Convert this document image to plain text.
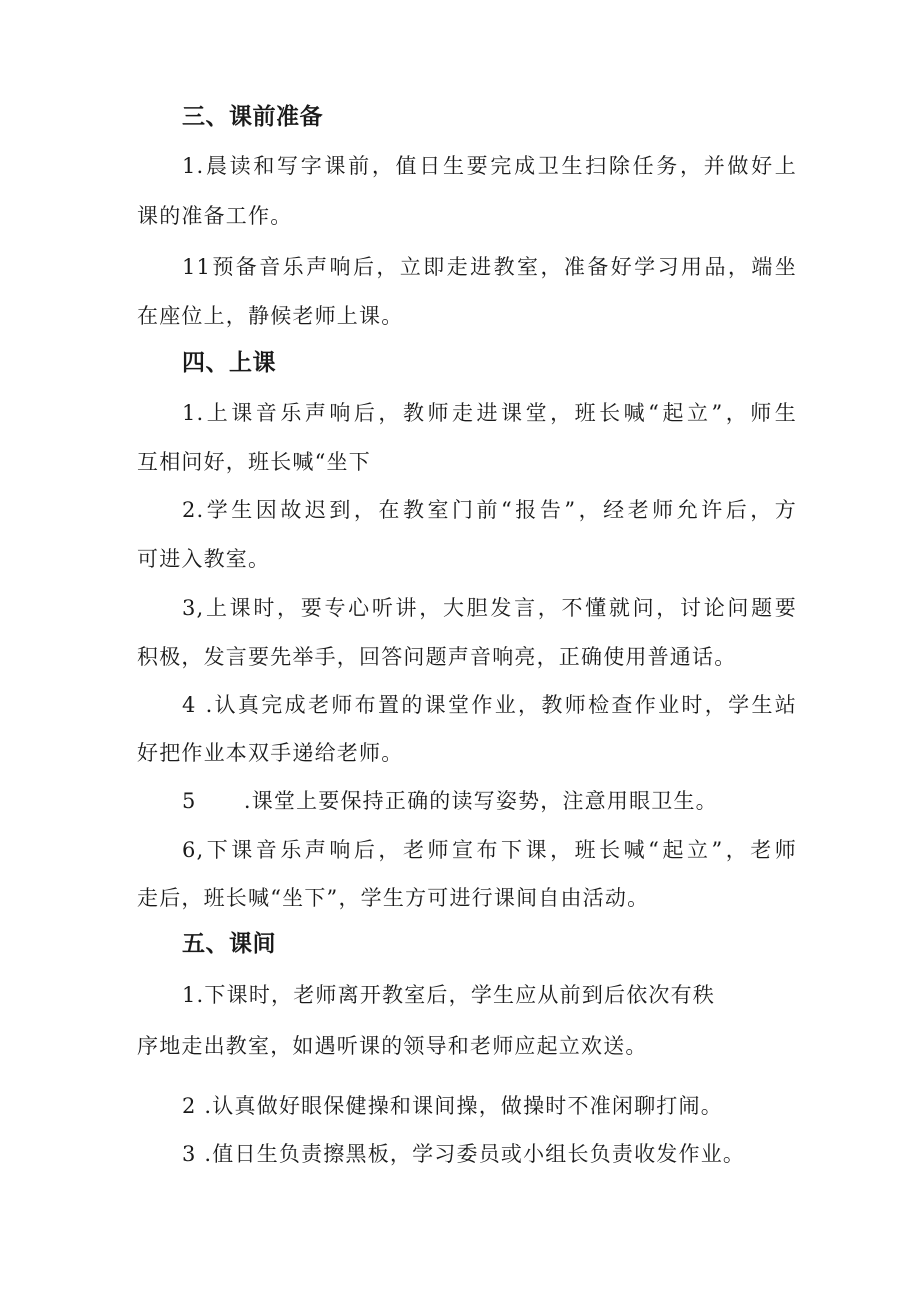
三、课前准备
1.晨读和写字课前，值日生要完成卫生扫除任务，并做好上
课的准备工作。
11预备音乐声响后，立即走进教室，准备好学习用品，端坐
在座位上，静候老师上课。
四、上课
1.上课音乐声响后，教师走进课堂，班长喊“起立”，师生
互相问好，班长喊“坐下
2.学生因故迟到，在教室门前“报告”，经老师允许后，方
可进入教室。
3,上课时，要专心听讲，大胆发言，不懂就问，讨论问题要
积极，发言要先举手，回答问题声音响亮，正确使用普通话。
4 .认真完成老师布置的课堂作业，教师检查作业时，学生站
好把作业本双手递给老师。
5      .课堂上要保持正确的读写姿势，注意用眼卫生。
6,下课音乐声响后，老师宣布下课，班长喊“起立”，老师
走后，班长喊“坐下”，学生方可进行课间自由活动。
五、课间
1.下课时，老师离开教室后，学生应从前到后依次有秩
序地走出教室，如遇听课的领导和老师应起立欢送。
2 .认真做好眼保健操和课间操，做操时不准闲聊打闹。
3 .值日生负责擦黑板，学习委员或小组长负责收发作业。
